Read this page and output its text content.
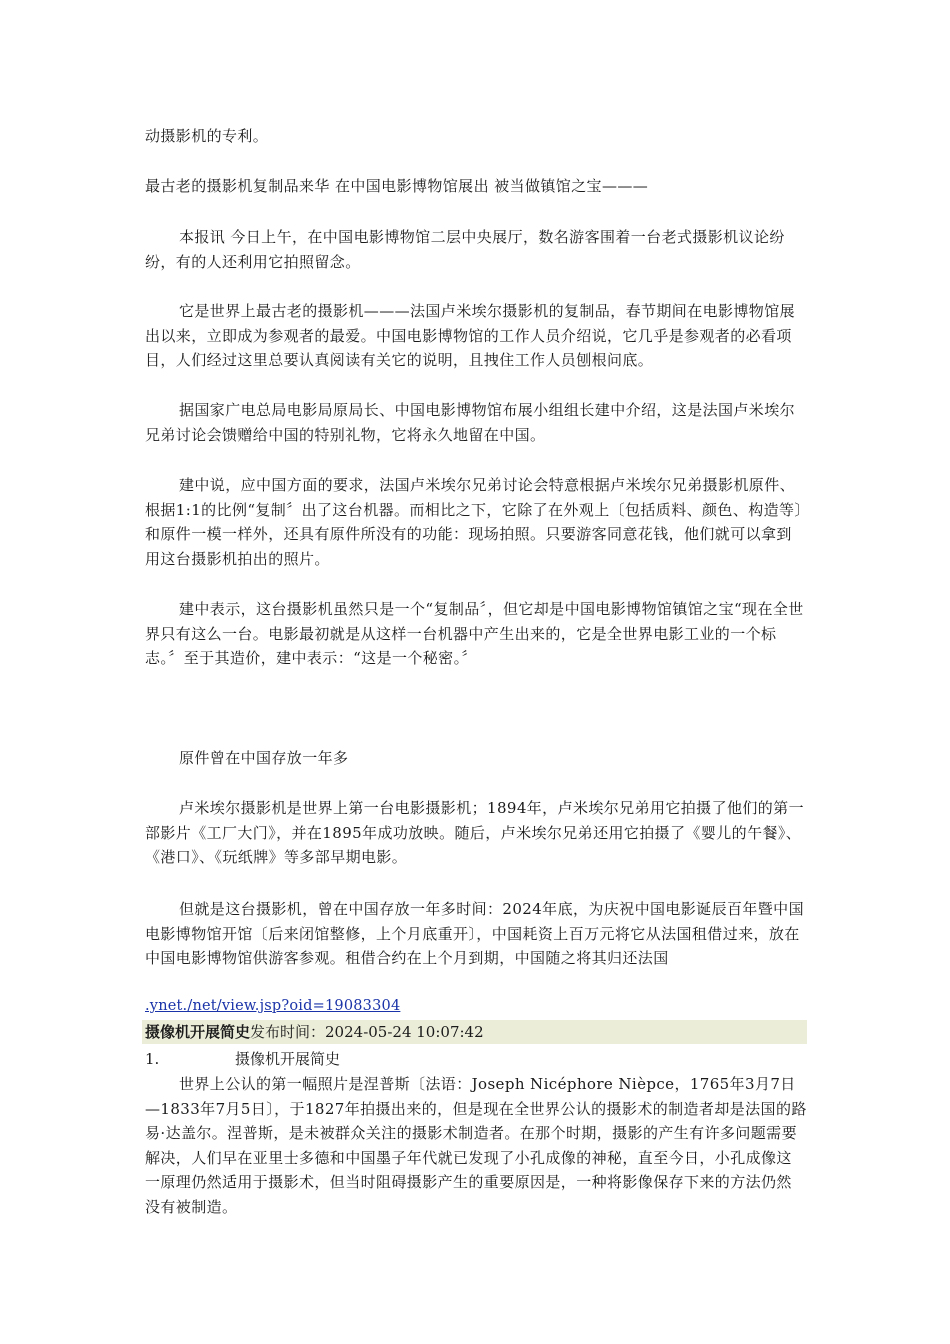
动摄影机的专利。

最古老的摄影机复制品来华 在中国电影博物馆展出 被当做镇馆之宝———

本报讯 今日上午，在中国电影博物馆二层中央展厅，数名游客围着一台老式摄影机议论纷纷，有的人还利用它拍照留念。

它是世界上最古老的摄影机———法国卢米埃尔摄影机的复制品，春节期间在电影博物馆展出以来，立即成为参观者的最爱。中国电影博物馆的工作人员介绍说，它几乎是参观者的必看项目，人们经过这里总要认真阅读有关它的说明，且拽住工作人员刨根问底。

据国家广电总局电影局原局长、中国电影博物馆布展小组组长建中介绍，这是法国卢米埃尔兄弟讨论会馈赠给中国的特别礼物，它将永久地留在中国。

建中说，应中国方面的要求，法国卢米埃尔兄弟讨论会特意根据卢米埃尔兄弟摄影机原件、根据1:1的比例“复制〞出了这台机器。而相比之下，它除了在外观上〔包括质料、颜色、构造等〕和原件一模一样外，还具有原件所没有的功能：现场拍照。只要游客同意花钱，他们就可以拿到用这台摄影机拍出的照片。

建中表示，这台摄影机虽然只是一个“复制品〞，但它却是中国电影博物馆镇馆之宝“现在全世界只有这么一台。电影最初就是从这样一台机器中产生出来的，它是全世界电影工业的一个标志。〞至于其造价，建中表示：“这是一个秘密。〞

原件曾在中国存放一年多

卢米埃尔摄影机是世界上第一台电影摄影机；1894年，卢米埃尔兄弟用它拍摄了他们的第一部影片《工厂大门》，并在1895年成功放映。随后，卢米埃尔兄弟还用它拍摄了《婴儿的午餐》、《港口》、《玩纸牌》等多部早期电影。

但就是这台摄影机，曾在中国存放一年多时间：2024年底，为庆祝中国电影诞辰百年暨中国电影博物馆开馆〔后来闭馆整修，上个月底重开〕，中国耗资上百万元将它从法国租借过来，放在中国电影博物馆供游客参观。租借合约在上个月到期，中国随之将其归还法国

.ynet./net/view.jsp?oid=19083304
摄像机开展简史发布时间：2024-05-24 10:07:42
1.	摄像机开展简史

世界上公认的第一幅照片是涅普斯〔法语：Joseph Nicéphore Nièpce，1765年3月7日—1833年7月5日〕，于1827年拍摄出来的，但是现在全世界公认的摄影术的制造者却是法国的路易·达盖尔。涅普斯，是未被群众关注的摄影术制造者。在那个时期，摄影的产生有许多问题需要解决，人们早在亚里士多德和中国墨子年代就已发现了小孔成像的神秘，直至今日，小孔成像这一原理仍然适用于摄影术，但当时阻碍摄影产生的重要原因是，一种将影像保存下来的方法仍然没有被制造。
